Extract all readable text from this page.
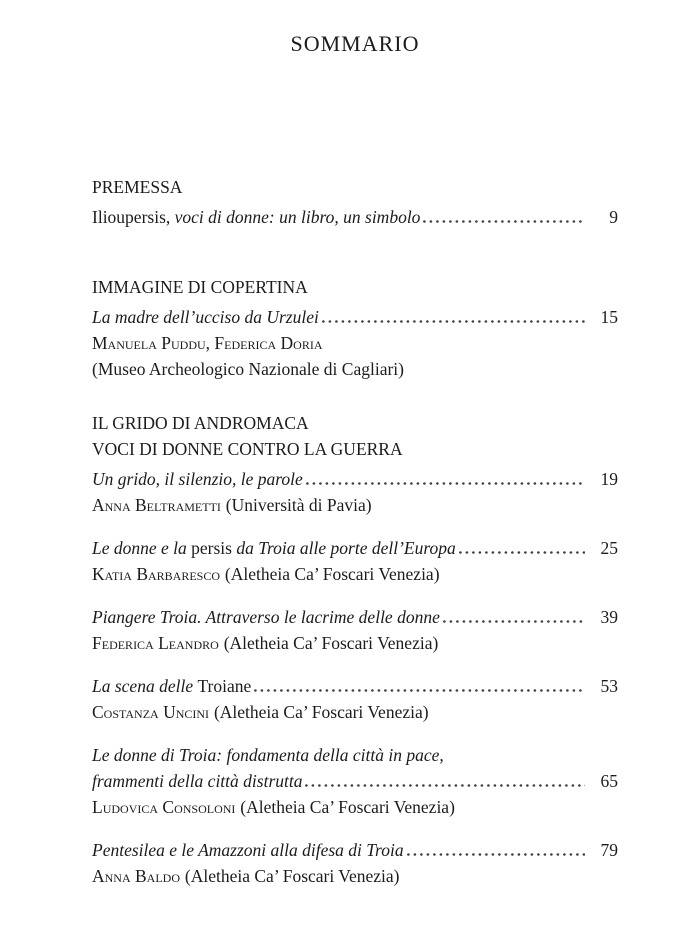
SOMMARIO
PREMESSA
Ilioupersis, voci di donne: un libro, un simbolo	9
IMMAGINE DI COPERTINA
La madre dell’ucciso da Urzulei	15
Manuela Puddu, Federica Doria
(Museo Archeologico Nazionale di Cagliari)
IL GRIDO DI ANDROMACA
VOCI DI DONNE CONTRO LA GUERRA
Un grido, il silenzio, le parole	19
Anna Beltrametti (Università di Pavia)
Le donne e la persis da Troia alle porte dell’Europa	25
Katia Barbaresco (Aletheia Ca’ Foscari Venezia)
Piangere Troia. Attraverso le lacrime delle donne	39
Federica Leandro (Aletheia Ca’ Foscari Venezia)
La scena delle Troiane	53
Costanza Uncini (Aletheia Ca’ Foscari Venezia)
Le donne di Troia: fondamenta della città in pace,
frammenti della città distrutta	65
Ludovica Consoloni (Aletheia Ca’ Foscari Venezia)
Pentesilea e le Amazzoni alla difesa di Troia	79
Anna Baldo (Aletheia Ca’ Foscari Venezia)
